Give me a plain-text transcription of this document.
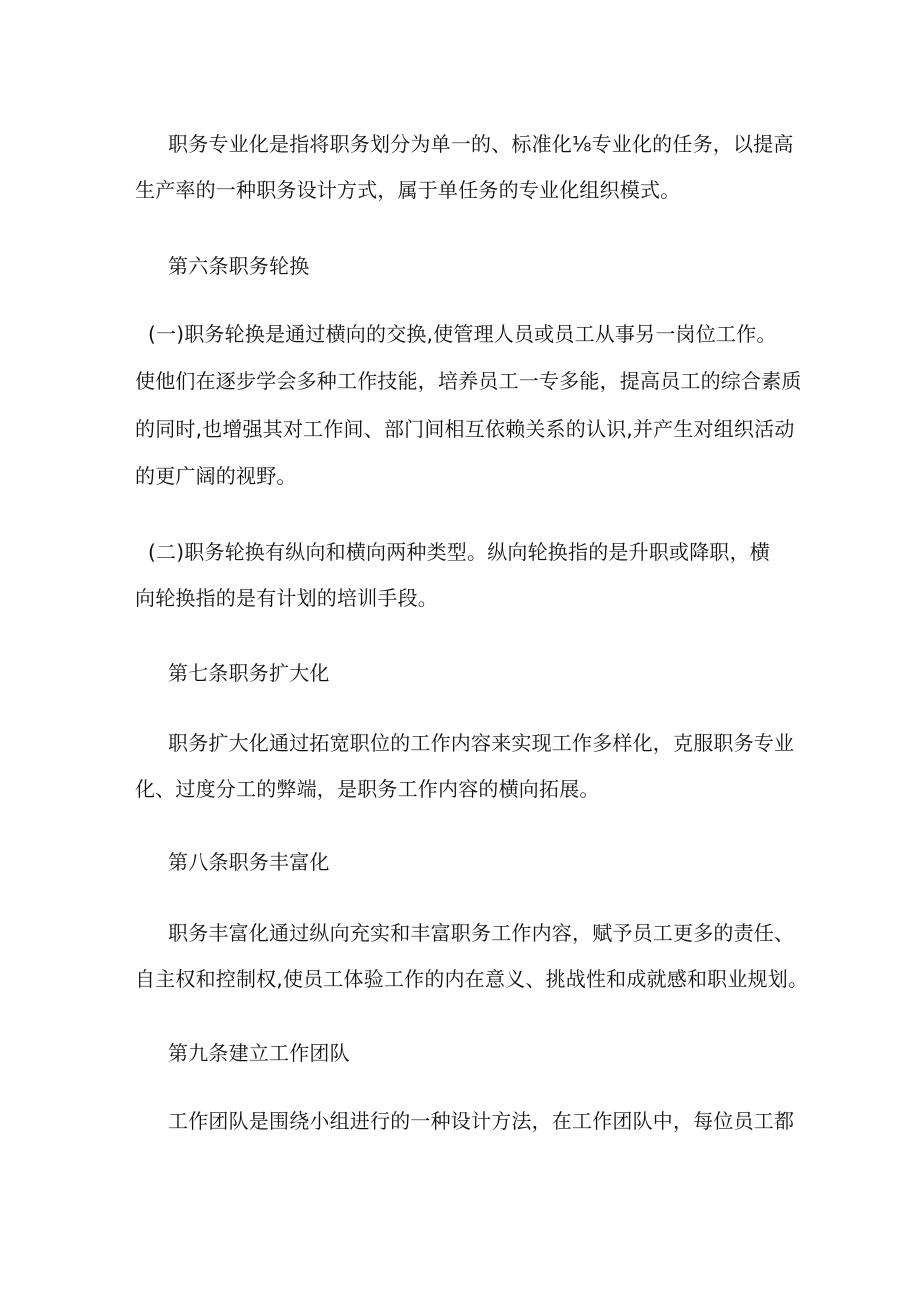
职务专业化是指将职务划分为单一的、标准化⅛专业化的任务，以提高
生产率的一种职务设计方式，属于单任务的专业化组织模式。
第六条职务轮换
(一)职务轮换是通过横向的交换,使管理人员或员工从事另一岗位工作。
使他们在逐步学会多种工作技能，培养员工一专多能，提高员工的综合素质
的同时,也增强其对工作间、部门间相互依赖关系的认识,并产生对组织活动
的更广阔的视野。
(二)职务轮换有纵向和横向两种类型。纵向轮换指的是升职或降职，横
向轮换指的是有计划的培训手段。
第七条职务扩大化
职务扩大化通过拓宽职位的工作内容来实现工作多样化，克服职务专业
化、过度分工的弊端，是职务工作内容的横向拓展。
第八条职务丰富化
职务丰富化通过纵向充实和丰富职务工作内容，赋予员工更多的责任、
自主权和控制权,使员工体验工作的内在意义、挑战性和成就感和职业规划。
第九条建立工作团队
工作团队是围绕小组进行的一种设计方法，在工作团队中，每位员工都
